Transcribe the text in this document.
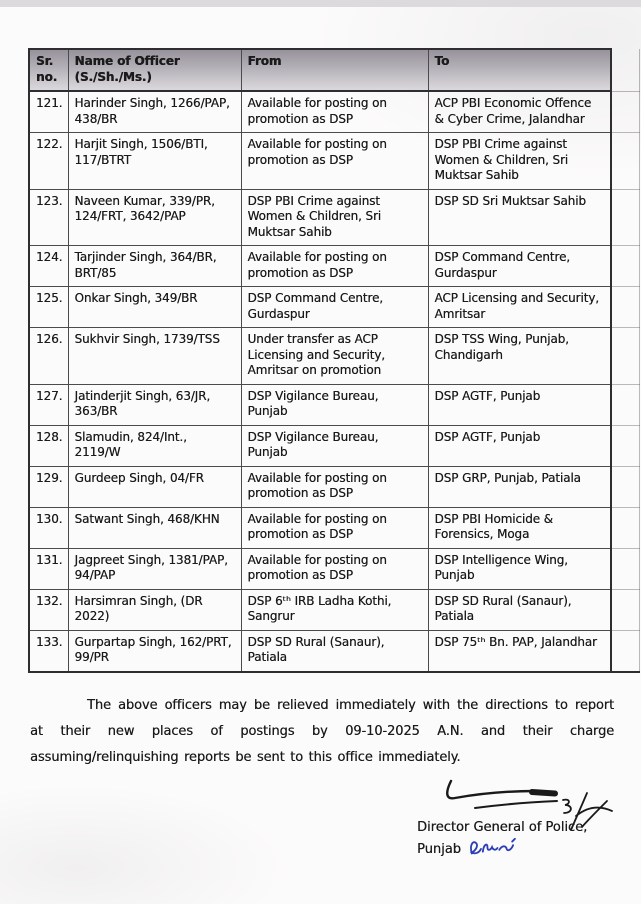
Sr. no.	Name of Officer (S./Sh./Ms.)	From	To	
121.	Harinder Singh, 1266/PAP, 438/BR	Available for posting on promotion as DSP	ACP PBI Economic Offence & Cyber Crime, Jalandhar	
122.	Harjit Singh, 1506/BTI, 117/BTRT	Available for posting on promotion as DSP	DSP PBI Crime against Women & Children, Sri Muktsar Sahib	
123.	Naveen Kumar, 339/PR, 124/FRT, 3642/PAP	DSP PBI Crime against Women & Children, Sri Muktsar Sahib	DSP SD Sri Muktsar Sahib	
124.	Tarjinder Singh, 364/BR, BRT/85	Available for posting on promotion as DSP	DSP Command Centre, Gurdaspur	
125.	Onkar Singh, 349/BR	DSP Command Centre, Gurdaspur	ACP Licensing and Security, Amritsar	
126.	Sukhvir Singh, 1739/TSS	Under transfer as ACP Licensing and Security, Amritsar on promotion	DSP TSS Wing, Punjab, Chandigarh	
127.	Jatinderjit Singh, 63/JR, 363/BR	DSP Vigilance Bureau, Punjab	DSP AGTF, Punjab	
128.	Slamudin, 824/Int., 2119/W	DSP Vigilance Bureau, Punjab	DSP AGTF, Punjab	
129.	Gurdeep Singh, 04/FR	Available for posting on promotion as DSP	DSP GRP, Punjab, Patiala	
130.	Satwant Singh, 468/KHN	Available for posting on promotion as DSP	DSP PBI Homicide & Forensics, Moga	
131.	Jagpreet Singh, 1381/PAP, 94/PAP	Available for posting on promotion as DSP	DSP Intelligence Wing, Punjab	
132.	Harsimran Singh, (DR 2022)	DSP 6ᵗʰ IRB Ladha Kothi, Sangrur	DSP SD Rural (Sanaur), Patiala	
133.	Gurpartap Singh, 162/PRT, 99/PR	DSP SD Rural (Sanaur), Patiala	DSP 75ᵗʰ Bn. PAP, Jalandhar	

The above officers may be relieved immediately with the directions to report at their new places of postings by 09-10-2025 A.N. and their charge assuming/relinquishing reports be sent to this office immediately.

Director General of Police,
Punjab
